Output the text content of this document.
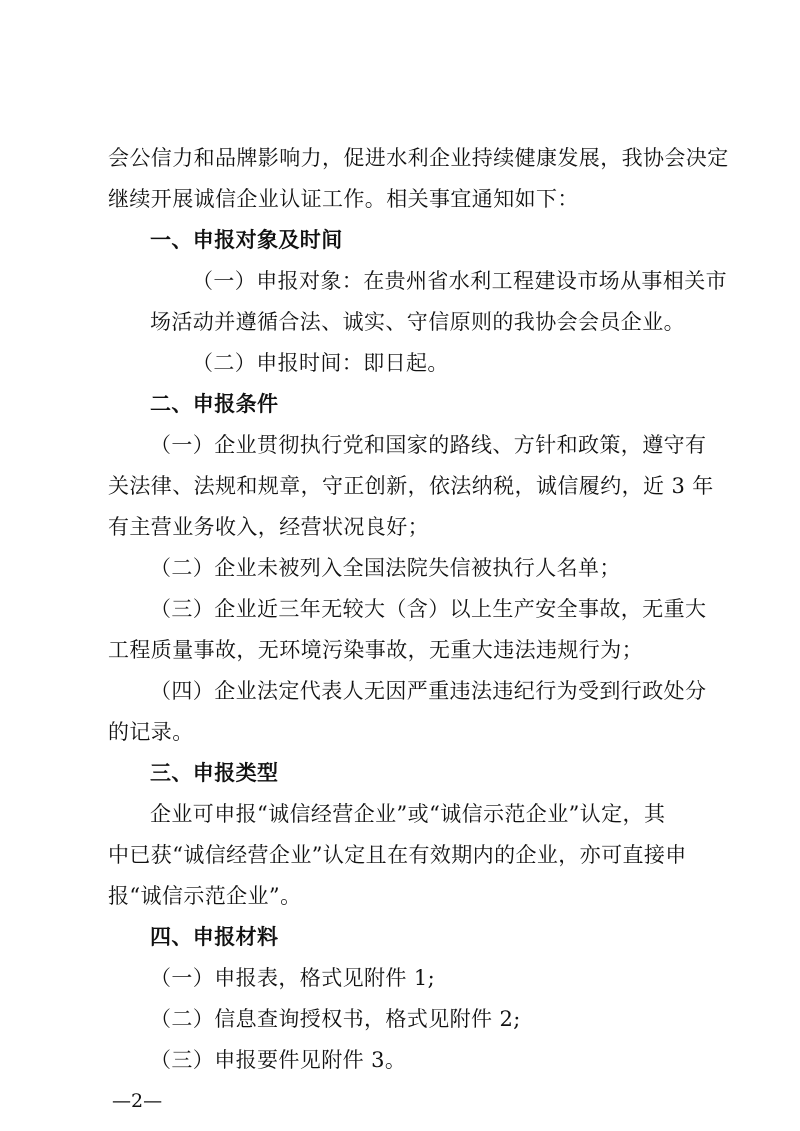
会公信力和品牌影响力，促进水利企业持续健康发展，我协会决定
继续开展诚信企业认证工作。相关事宜通知如下：
一、申报对象及时间
（一）申报对象：在贵州省水利工程建设市场从事相关市
场活动并遵循合法、诚实、守信原则的我协会会员企业。
（二）申报时间：即日起。
二、申报条件
（一）企业贯彻执行党和国家的路线、方针和政策，遵守有
关法律、法规和规章，守正创新，依法纳税，诚信履约，近 3 年
有主营业务收入，经营状况良好；
（二）企业未被列入全国法院失信被执行人名单；
（三）企业近三年无较大（含）以上生产安全事故，无重大
工程质量事故，无环境污染事故，无重大违法违规行为；
（四）企业法定代表人无因严重违法违纪行为受到行政处分
的记录。
三、申报类型
企业可申报“诚信经营企业”或“诚信示范企业”认定，其
中已获“诚信经营企业”认定且在有效期内的企业，亦可直接申
报“诚信示范企业”。
四、申报材料
（一）申报表，格式见附件 1;
（二）信息查询授权书，格式见附件 2;
（三）申报要件见附件 3。
—2—
